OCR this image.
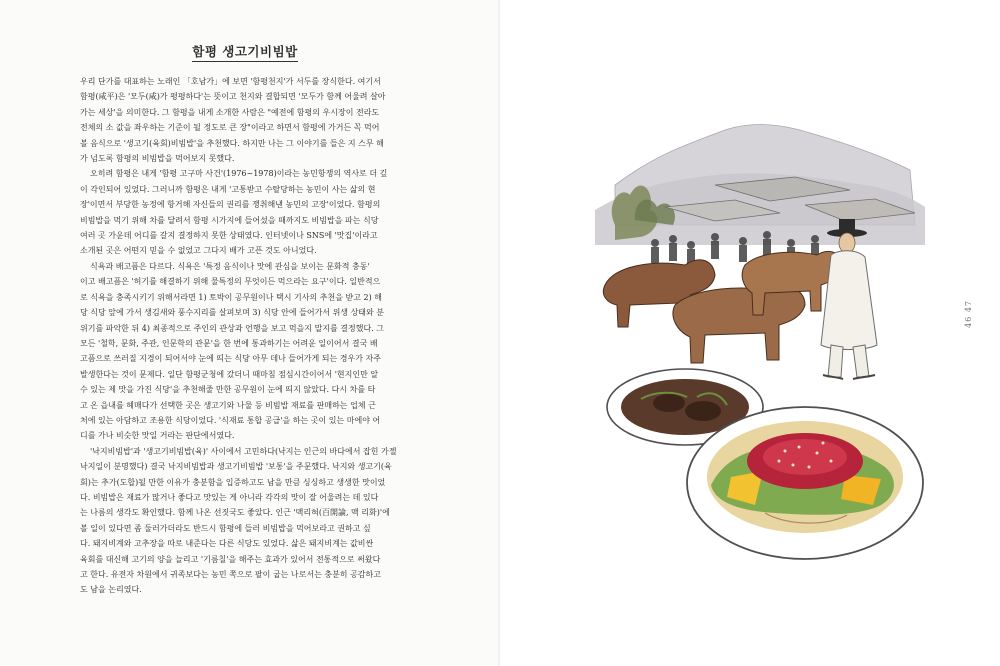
함평 생고기비빔밥

우리 단가를 대표하는 노래인 「호남가」에 보면 '함평천지'가 서두를 장식한다. 여기서

함평(咸平)은 '모두(咸)가 평평하다'는 뜻이고 천지와 결합되면 '모두가 함께 어울려 살아

가는 세상'을 의미한다. 그 함평을 내게 소개한 사람은 "예전에 함평의 우시장이 전라도

전체의 소 값을 좌우하는 기준이 될 정도로 큰 장"이라고 하면서 함평에 가거든 꼭 먹어

볼 음식으로 '생고기(육회)비빔밥'을 추천했다. 하지만 나는 그 이야기를 들은 지 스무 해

가 넘도록 함평의 비빔밥을 먹어보지 못했다.

오히려 함평은 내게 '함평 고구마 사건'(1976~1978)이라는 농민항쟁의 역사로 더 깊

이 각인되어 있었다. 그러니까 함평은 내게 '고통받고 수탈당하는 농민이 사는 삶의 현

장'이면서 부당한 농정에 항거해 자신들의 권리를 쟁취해낸 농민의 고장'이었다. 함평의

비빔밥을 먹기 위해 차를 달려서 함평 시가지에 들어섰을 때까지도 비빔밥을 파는 식당

여러 곳 가운데 어디를 갈지 결정하지 못한 상태였다. 인터넷이나 SNS에 '맛집'이라고

소개된 곳은 어떤지 믿을 수 없었고 그다지 배가 고픈 것도 아니었다.

식욕과 배고픔은 다르다. 식욕은 '특정 음식이나 맛에 관심을 보이는 문화적 충동'

이고 배고픔은 '허기를 해결하기 위해 물특정의 무엇이든 먹으라는 요구'이다. 일반적으

로 식욕을 충족시키기 위해서라면 1) 토박이 공무원이나 택시 기사의 추천을 받고 2) 해

당 식당 앞에 가서 생김새와 풍수지리를 살펴보며 3) 식당 안에 들어가서 위생 상태와 분

위기를 파악한 뒤 4) 최종적으로 주인의 관상과 언행을 보고 먹을지 말지를 결정했다. 그

모든 '철학, 문화, 주관, 인문학의 관문'을 한 번에 통과하기는 어려운 일이어서 결국 배

고픔으로 쓰러질 지경이 되어서야 눈에 띄는 식당 아무 데나 들어가게 되는 경우가 자주

발생한다는 것이 문제다. 일단 함평군청에 갔더니 때마침 점심시간이어서 '현지인만 알

수 있는 제 맛을 가진 식당'을 추천해줄 만한 공무원이 눈에 띄지 않았다. 다시 차를 타

고 온 읍내를 헤매다가 선택한 곳은 생고기와 나물 등 비빔밥 재료를 판매하는 업체 근

처에 있는 아담하고 조용한 식당이었다. '식재료 통합 공급'을 하는 곳이 있는 마에야 어

디를 가나 비슷한 맛일 거라는 판단에서였다.

'낙지비빔밥'과 '생고기비빔밥(육)' 사이에서 고민하다(낙지는 인근의 바다에서 잡힌 가젤

낙지일이 분명했다) 결국 낙지비빔밥과 생고기비빔밥 '보통'을 주문했다. 낙지와 생고기(육

회)는 추가(도합)될 만한 이유가 충분함을 입증하고도 남을 만큼 싱싱하고 생생한 맛이었

다. 비빔밥은 재료가 많거나 좋다고 맛있는 게 아니라 각각의 맛이 잘 어울려는 데 있다

는 나름의 생각도 확인했다. 함께 나온 선짓국도 좋았다. 인근 '맥리혀(百開論, 맥 리화)'에

볼 일이 있다면 좀 둘러가더라도 반드시 함평에 들러 비빔밥을 먹어보라고 권하고 싶

다. 돼지비계와 고추장을 따로 내준다는 다른 식당도 있었다. 삶은 돼지비계는 값비싼

육회를 대신해 고기의 양을 늘리고 '기름칠'을 해주는 효과가 있어서 전통적으로 써왔다

고 한다. 유전자 차원에서 귀족보다는 농민 쪽으로 팔이 굽는 나로서는 충분히 공감하고

도 남을 논리였다.

46 47
